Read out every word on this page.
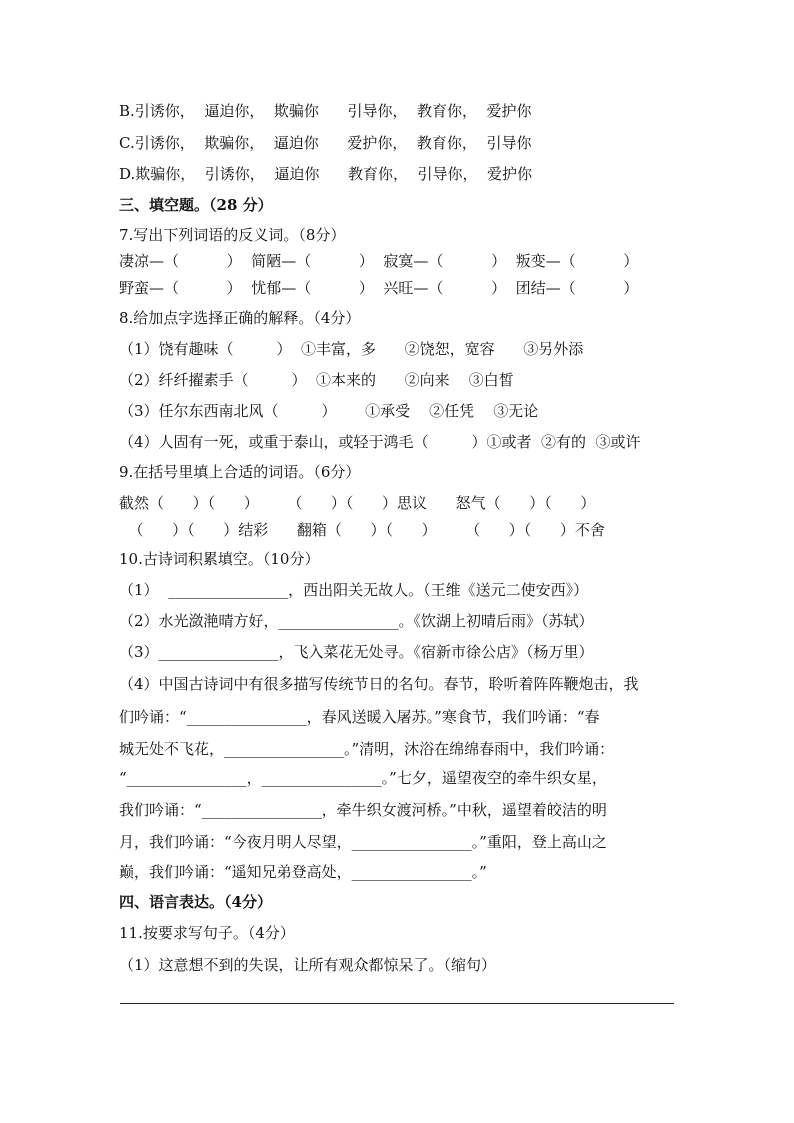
B.引诱你，  逼迫你，  欺骗你      引导你，  教育你，  爱护你
C.引诱你，  欺骗你，  逼迫你      爱护你，  教育你，  引导你
D.欺骗你，  引诱你，  逼迫你      教育你，  引导你，  爱护你
三、填空题。（28 分）
7.写出下列词语的反义词。（8分）
凄凉—（          ）  简陋—（          ）  寂寞—（          ）  叛变—（          ）
野蛮—（          ）  忧郁—（          ）  兴旺—（          ）  团结—（          ）
8.给加点字选择正确的解释。（4分）
（1）饶有趣味（         ）  ①丰富，多      ②饶恕，宽容      ③另外添
（2）纤纤擢素手（         ）  ①本来的      ②向来    ③白皙
（3）任尔东西南北风（         ）      ①承受    ②任凭    ③无论
（4）人固有一死，或重于泰山，或轻于鸿毛（         ）①或者  ②有的  ③或许
9.在括号里填上合适的词语。（6分）
截然（      ）（      ）      （      ）（      ）思议      怒气（      ）（      ）
（      ）（      ）结彩      翻箱（      ）（      ）      （      ）（      ）不舍
10.古诗词积累填空。（10分）
（1）  ________________，西出阳关无故人。（王维《送元二使安西》）
（2）水光潋滟晴方好，________________。《饮湖上初晴后雨》（苏轼）
（3）________________，飞入菜花无处寻。《宿新市徐公店》（杨万里）
（4）中国古诗词中有很多描写传统节日的名句。春节，聆听着阵阵鞭炮击，我
们吟诵：“________________，春风送暖入屠苏。”寒食节，我们吟诵：“春
城无处不飞花，________________。”清明，沐浴在绵绵春雨中，我们吟诵：
“________________，________________。”七夕，遥望夜空的牵牛织女星，
我们吟诵：“________________，牵牛织女渡河桥。”中秋，遥望着皎洁的明
月，我们吟诵：“今夜月明人尽望，________________。”重阳，登上高山之
巅，我们吟诵：“遥知兄弟登高处，________________。”
四、语言表达。（4分）
11.按要求写句子。（4分）
（1）这意想不到的失误，让所有观众都惊呆了。（缩句）
